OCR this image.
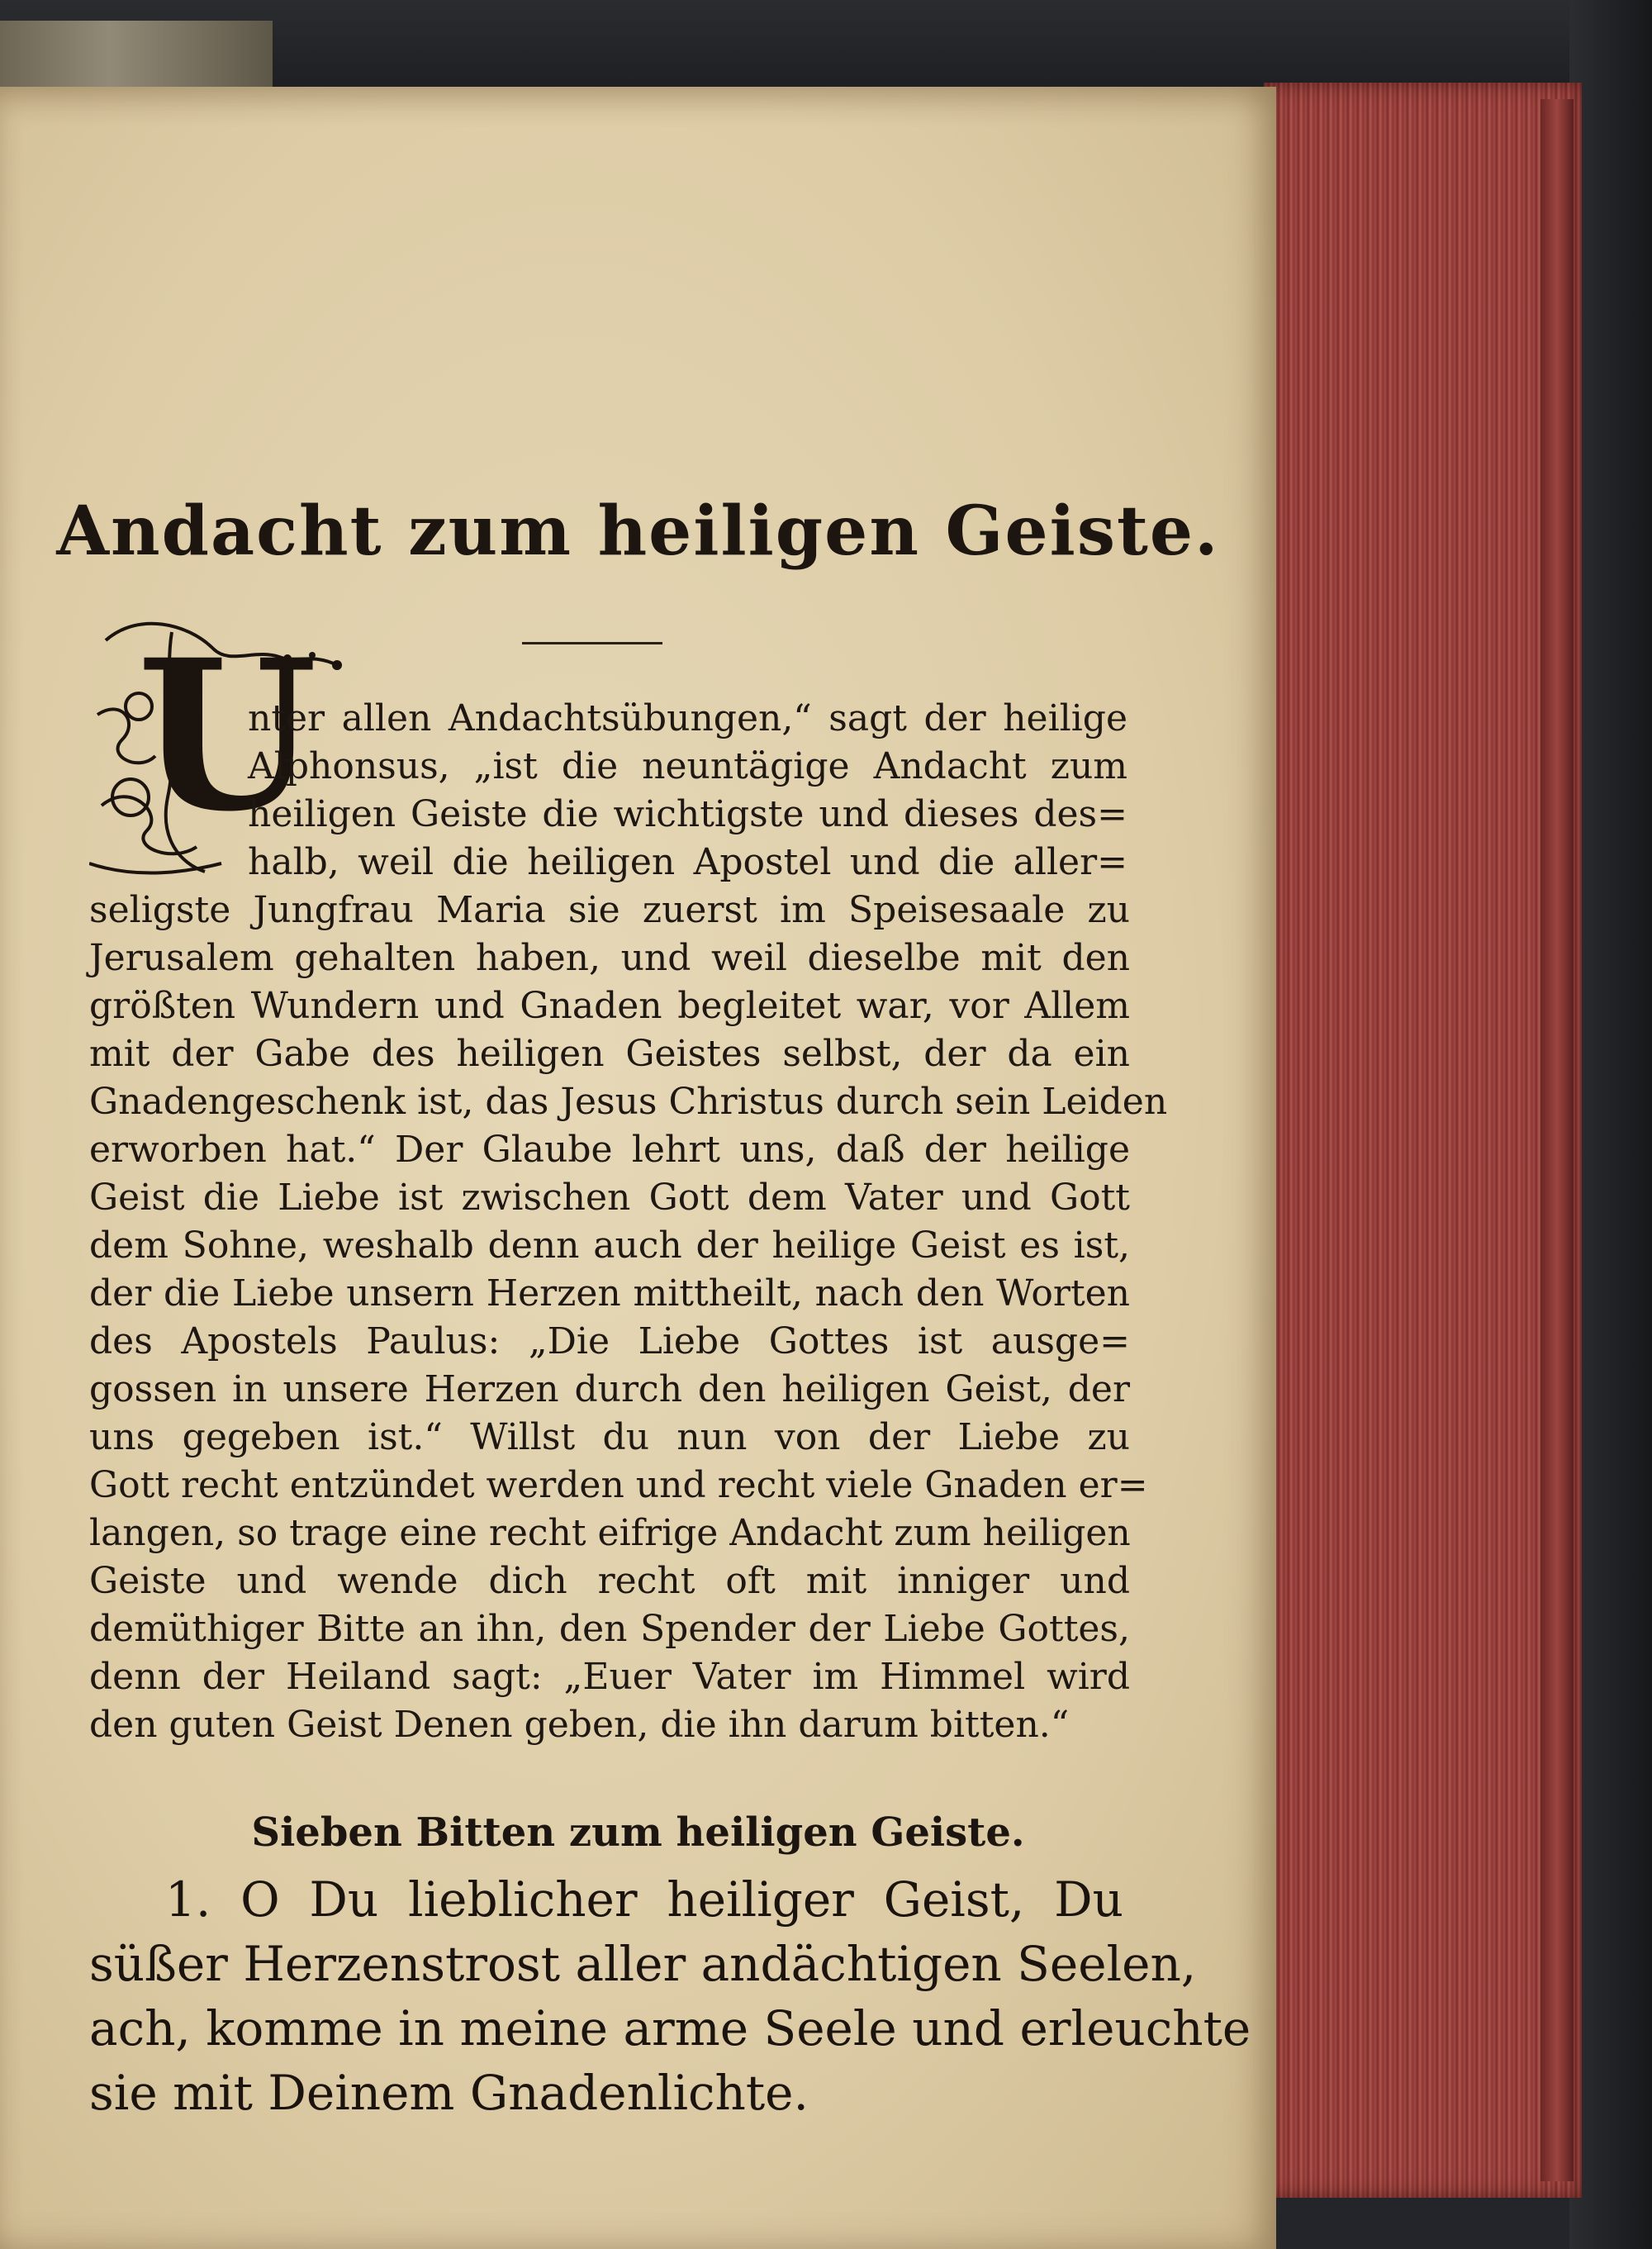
Andacht zum heiligen Geiste.
U
nter allen Andachtsübungen,“ sagt der heilige
Alphonsus, „ist die neuntägige Andacht zum
heiligen Geiste die wichtigste und dieses des=
halb, weil die heiligen Apostel und die aller=
seligste Jungfrau Maria sie zuerst im Speisesaale zu
Jerusalem gehalten haben, und weil dieselbe mit den
größten Wundern und Gnaden begleitet war, vor Allem
mit der Gabe des heiligen Geistes selbst, der da ein
Gnadengeschenk ist, das Jesus Christus durch sein Leiden
erworben hat.“ Der Glaube lehrt uns, daß der heilige
Geist die Liebe ist zwischen Gott dem Vater und Gott
dem Sohne, weshalb denn auch der heilige Geist es ist,
der die Liebe unsern Herzen mittheilt, nach den Worten
des Apostels Paulus: „Die Liebe Gottes ist ausge=
gossen in unsere Herzen durch den heiligen Geist, der
uns gegeben ist.“ Willst du nun von der Liebe zu
Gott recht entzündet werden und recht viele Gnaden er=
langen, so trage eine recht eifrige Andacht zum heiligen
Geiste und wende dich recht oft mit inniger und
demüthiger Bitte an ihn, den Spender der Liebe Gottes,
denn der Heiland sagt: „Euer Vater im Himmel wird
den guten Geist Denen geben, die ihn darum bitten.“
Sieben Bitten zum heiligen Geiste.
1. O Du lieblicher heiliger Geist, Du
süßer Herzenstrost aller andächtigen Seelen,
ach, komme in meine arme Seele und erleuchte
sie mit Deinem Gnadenlichte.
